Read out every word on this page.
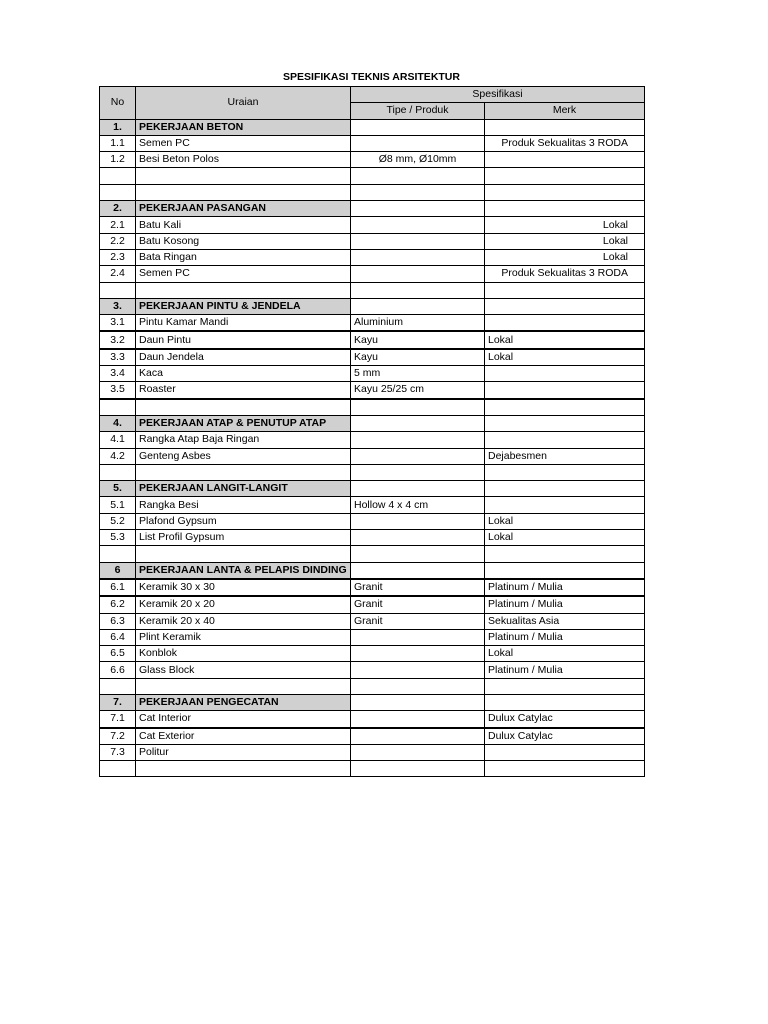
SPESIFIKASI TEKNIS ARSITEKTUR
No	Uraian	Spesifikasi	
		Tipe / Produk	Merk
1.	PEKERJAAN BETON		
1.1	Semen PC		Produk Sekualitas 3 RODA
1.2	Besi Beton Polos	Ø8 mm, Ø10mm	

2.	PEKERJAAN PASANGAN		
2.1	Batu Kali		Lokal
2.2	Batu Kosong		Lokal
2.3	Bata Ringan		Lokal
2.4	Semen PC		Produk Sekualitas 3 RODA

3.	PEKERJAAN PINTU & JENDELA		
3.1	Pintu Kamar Mandi	Aluminium	
3.2	Daun Pintu	Kayu	Lokal
3.3	Daun Jendela	Kayu	Lokal
3.4	Kaca	5 mm	
3.5	Roaster	Kayu 25/25 cm	

4.	PEKERJAAN ATAP & PENUTUP ATAP		
4.1	Rangka Atap Baja Ringan		
4.2	Genteng Asbes		Dejabesmen

5.	PEKERJAAN LANGIT-LANGIT		
5.1	Rangka Besi	Hollow 4 x 4 cm	
5.2	Plafond Gypsum		Lokal
5.3	List Profil Gypsum		Lokal

6	PEKERJAAN LANTA & PELAPIS DINDING		
6.1	Keramik 30 x 30	Granit	Platinum / Mulia
6.2	Keramik 20 x 20	Granit	Platinum / Mulia
6.3	Keramik 20 x 40	Granit	Sekualitas Asia
6.4	Plint Keramik		Platinum / Mulia
6.5	Konblok		Lokal
6.6	Glass Block		Platinum / Mulia

7.	PEKERJAAN PENGECATAN		
7.1	Cat Interior		Dulux Catylac
7.2	Cat Exterior		Dulux Catylac
7.3	Politur		
